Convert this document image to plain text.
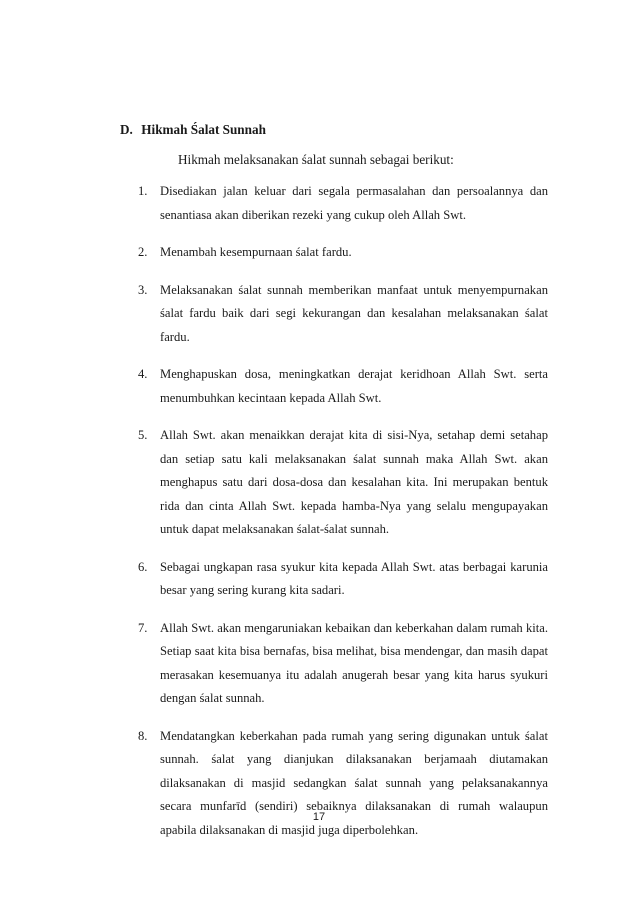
D. Hikmah Śalat Sunnah
Hikmah melaksanakan śalat sunnah sebagai berikut:
1. Disediakan jalan keluar dari segala permasalahan dan persoalannya dan senantiasa akan diberikan rezeki yang cukup oleh Allah Swt.
2. Menambah kesempurnaan śalat fardu.
3. Melaksanakan śalat sunnah memberikan manfaat untuk menyempurnakan śalat fardu baik dari segi kekurangan dan kesalahan melaksanakan śalat fardu.
4. Menghapuskan dosa, meningkatkan derajat keridhoan Allah Swt. serta menumbuhkan kecintaan kepada Allah Swt.
5. Allah Swt. akan menaikkan derajat kita di sisi-Nya, setahap demi setahap dan setiap satu kali melaksanakan śalat sunnah maka Allah Swt. akan menghapus satu dari dosa-dosa dan kesalahan kita. Ini merupakan bentuk rida dan cinta Allah Swt. kepada hamba-Nya yang selalu mengupayakan untuk dapat melaksanakan śalat-śalat sunnah.
6. Sebagai ungkapan rasa syukur kita kepada Allah Swt. atas berbagai karunia besar yang sering kurang kita sadari.
7. Allah Swt. akan mengaruniakan kebaikan dan keberkahan dalam rumah kita. Setiap saat kita bisa bernafas, bisa melihat, bisa mendengar, dan masih dapat merasakan kesemuanya itu adalah anugerah besar yang kita harus syukuri dengan śalat sunnah.
8. Mendatangkan keberkahan pada rumah yang sering digunakan untuk śalat sunnah. śalat yang dianjukan dilaksanakan berjamaah diutamakan dilaksanakan di masjid sedangkan śalat sunnah yang pelaksanakannya secara munfarīd (sendiri) sebaiknya dilaksanakan di rumah walaupun apabila dilaksanakan di masjid juga diperbolehkan.
17
